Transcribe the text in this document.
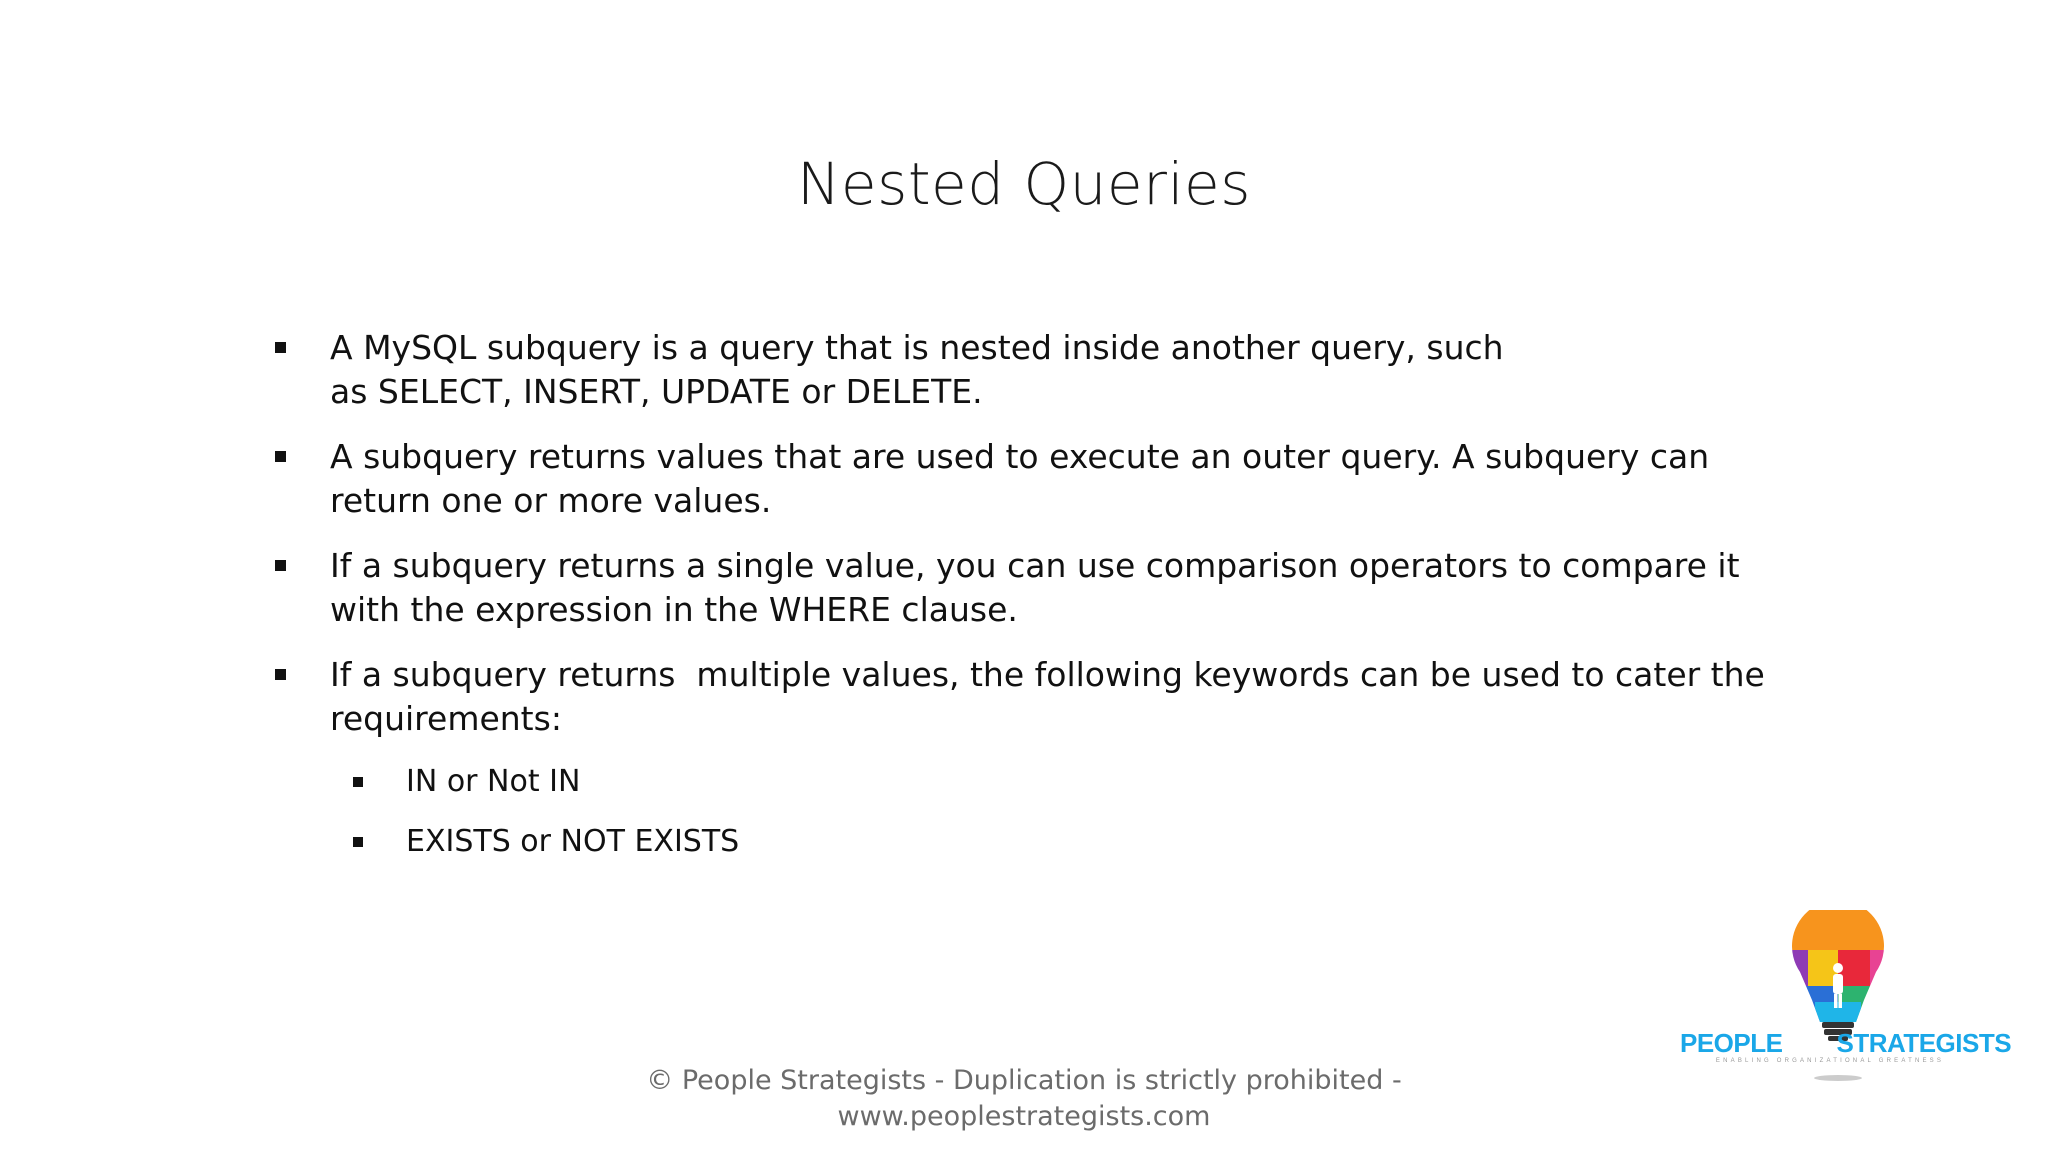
Nested Queries
A MySQL subquery is a query that is nested inside another query, such
as SELECT, INSERT, UPDATE or DELETE.
A subquery returns values that are used to execute an outer query. A subquery can
return one or more values.
If a subquery returns a single value, you can use comparison operators to compare it
with the expression in the WHERE clause.
If a subquery returns  multiple values, the following keywords can be used to cater the
requirements:
IN or Not IN
EXISTS or NOT EXISTS
© People Strategists - Duplication is strictly prohibited -
www.peoplestrategists.com
PEOPLE STRATEGISTS
ENABLING ORGANIZATIONAL GREATNESS
